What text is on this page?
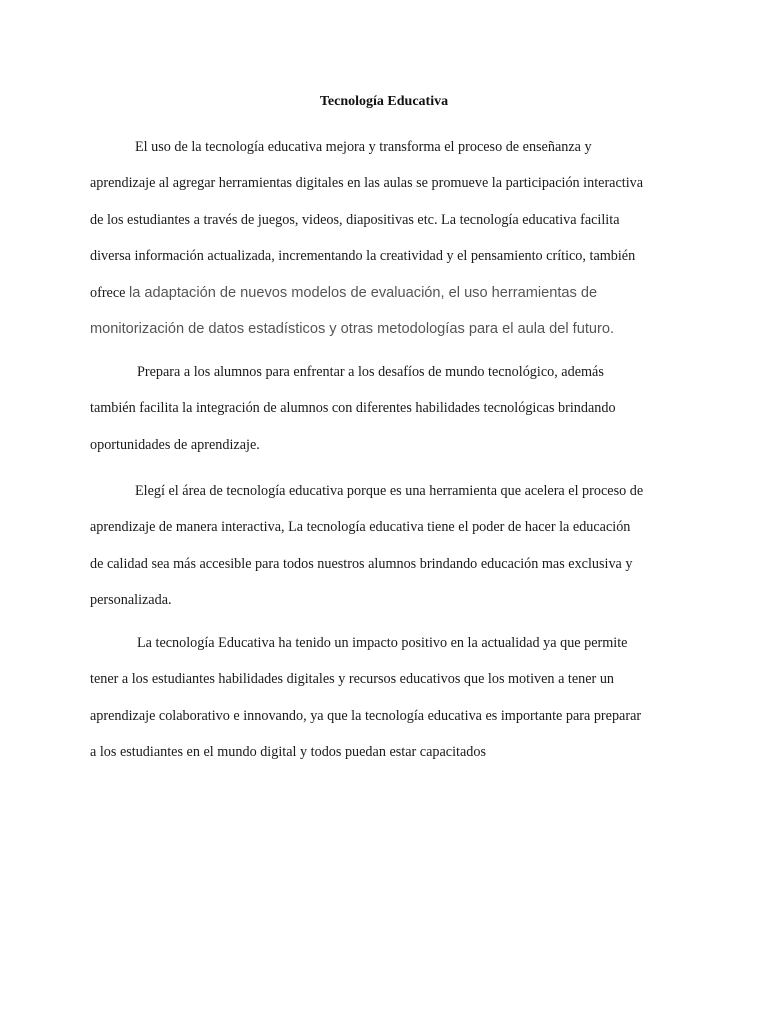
Tecnología Educativa
El uso de la tecnología educativa mejora y transforma el proceso de enseñanza y
aprendizaje al agregar herramientas digitales en las aulas se promueve la participación interactiva
de los estudiantes a través de juegos, videos, diapositivas etc. La tecnología educativa facilita
diversa información actualizada, incrementando la creatividad y el pensamiento crítico, también
ofrece la adaptación de nuevos modelos de evaluación, el uso herramientas de
monitorización de datos estadísticos y otras metodologías para el aula del futuro.
Prepara a los alumnos para enfrentar a los desafíos de mundo tecnológico, además
también facilita la integración de alumnos con diferentes habilidades tecnológicas brindando
oportunidades de aprendizaje.
Elegí el área de tecnología educativa porque es una herramienta que acelera el proceso de
aprendizaje de manera interactiva, La tecnología educativa tiene el poder de hacer la educación
de calidad sea más accesible para todos nuestros alumnos brindando educación mas exclusiva y
personalizada.
La tecnología Educativa ha tenido un impacto positivo en la actualidad ya que permite
tener a los estudiantes habilidades digitales y recursos educativos que los motiven a tener un
aprendizaje colaborativo e innovando, ya que la tecnología educativa es importante para preparar
a los estudiantes en el mundo digital y todos puedan estar capacitados
